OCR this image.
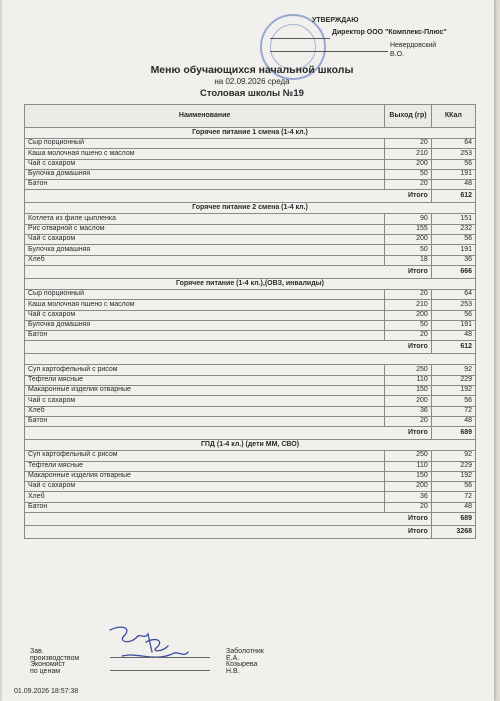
УТВЕРЖДАЮ
Директор ООО "Комплекс-Плюс"
Невердовский В.О.
Меню обучающихся начальной школы
на 02.09.2026 среда
Столовая школы №19
Наименование	Выход (гр)	ККал
Горячее питание 1 смена (1-4 кл.)		
Сыр порционный	20	64
Каша молочная пшено с маслом	210	253
Чай с сахаром	200	56
Булочка домашняя	50	191
Батон	20	48
Итого		612
Горячее питание 2 смена (1-4 кл.)		
Котлета из филе цыпленка	90	151
Рис отварной с маслом	155	232
Чай с сахаром	200	56
Булочка домашняя	50	191
Хлеб	18	36
Итого		666
Горячее питание (1-4 кл.),(ОВЗ, инвалиды)		
Сыр порционный	20	64
Каша молочная пшено с маслом	210	253
Чай с сахаром	200	56
Булочка домашняя	50	191
Батон	20	48
Итого		612

Суп картофельный с рисом	250	92
Тефтели мясные	110	229
Макаронные изделия отварные	150	192
Чай с сахаром	200	56
Хлеб	36	72
Батон	20	48
Итого		689
ГПД (1-4 кл.) (дети ММ, СВО)		
Суп картофельный с рисом	250	92
Тефтели мясные	110	229
Макаронные изделия отварные	150	192
Чай с сахаром	200	56
Хлеб	36	72
Батон	20	48
Итого		689
Итого		3268
Зав. производством
Заболотник Е.А.
Экономист по ценам
Козырева Н.В.
01.09.2026 18:57:38
